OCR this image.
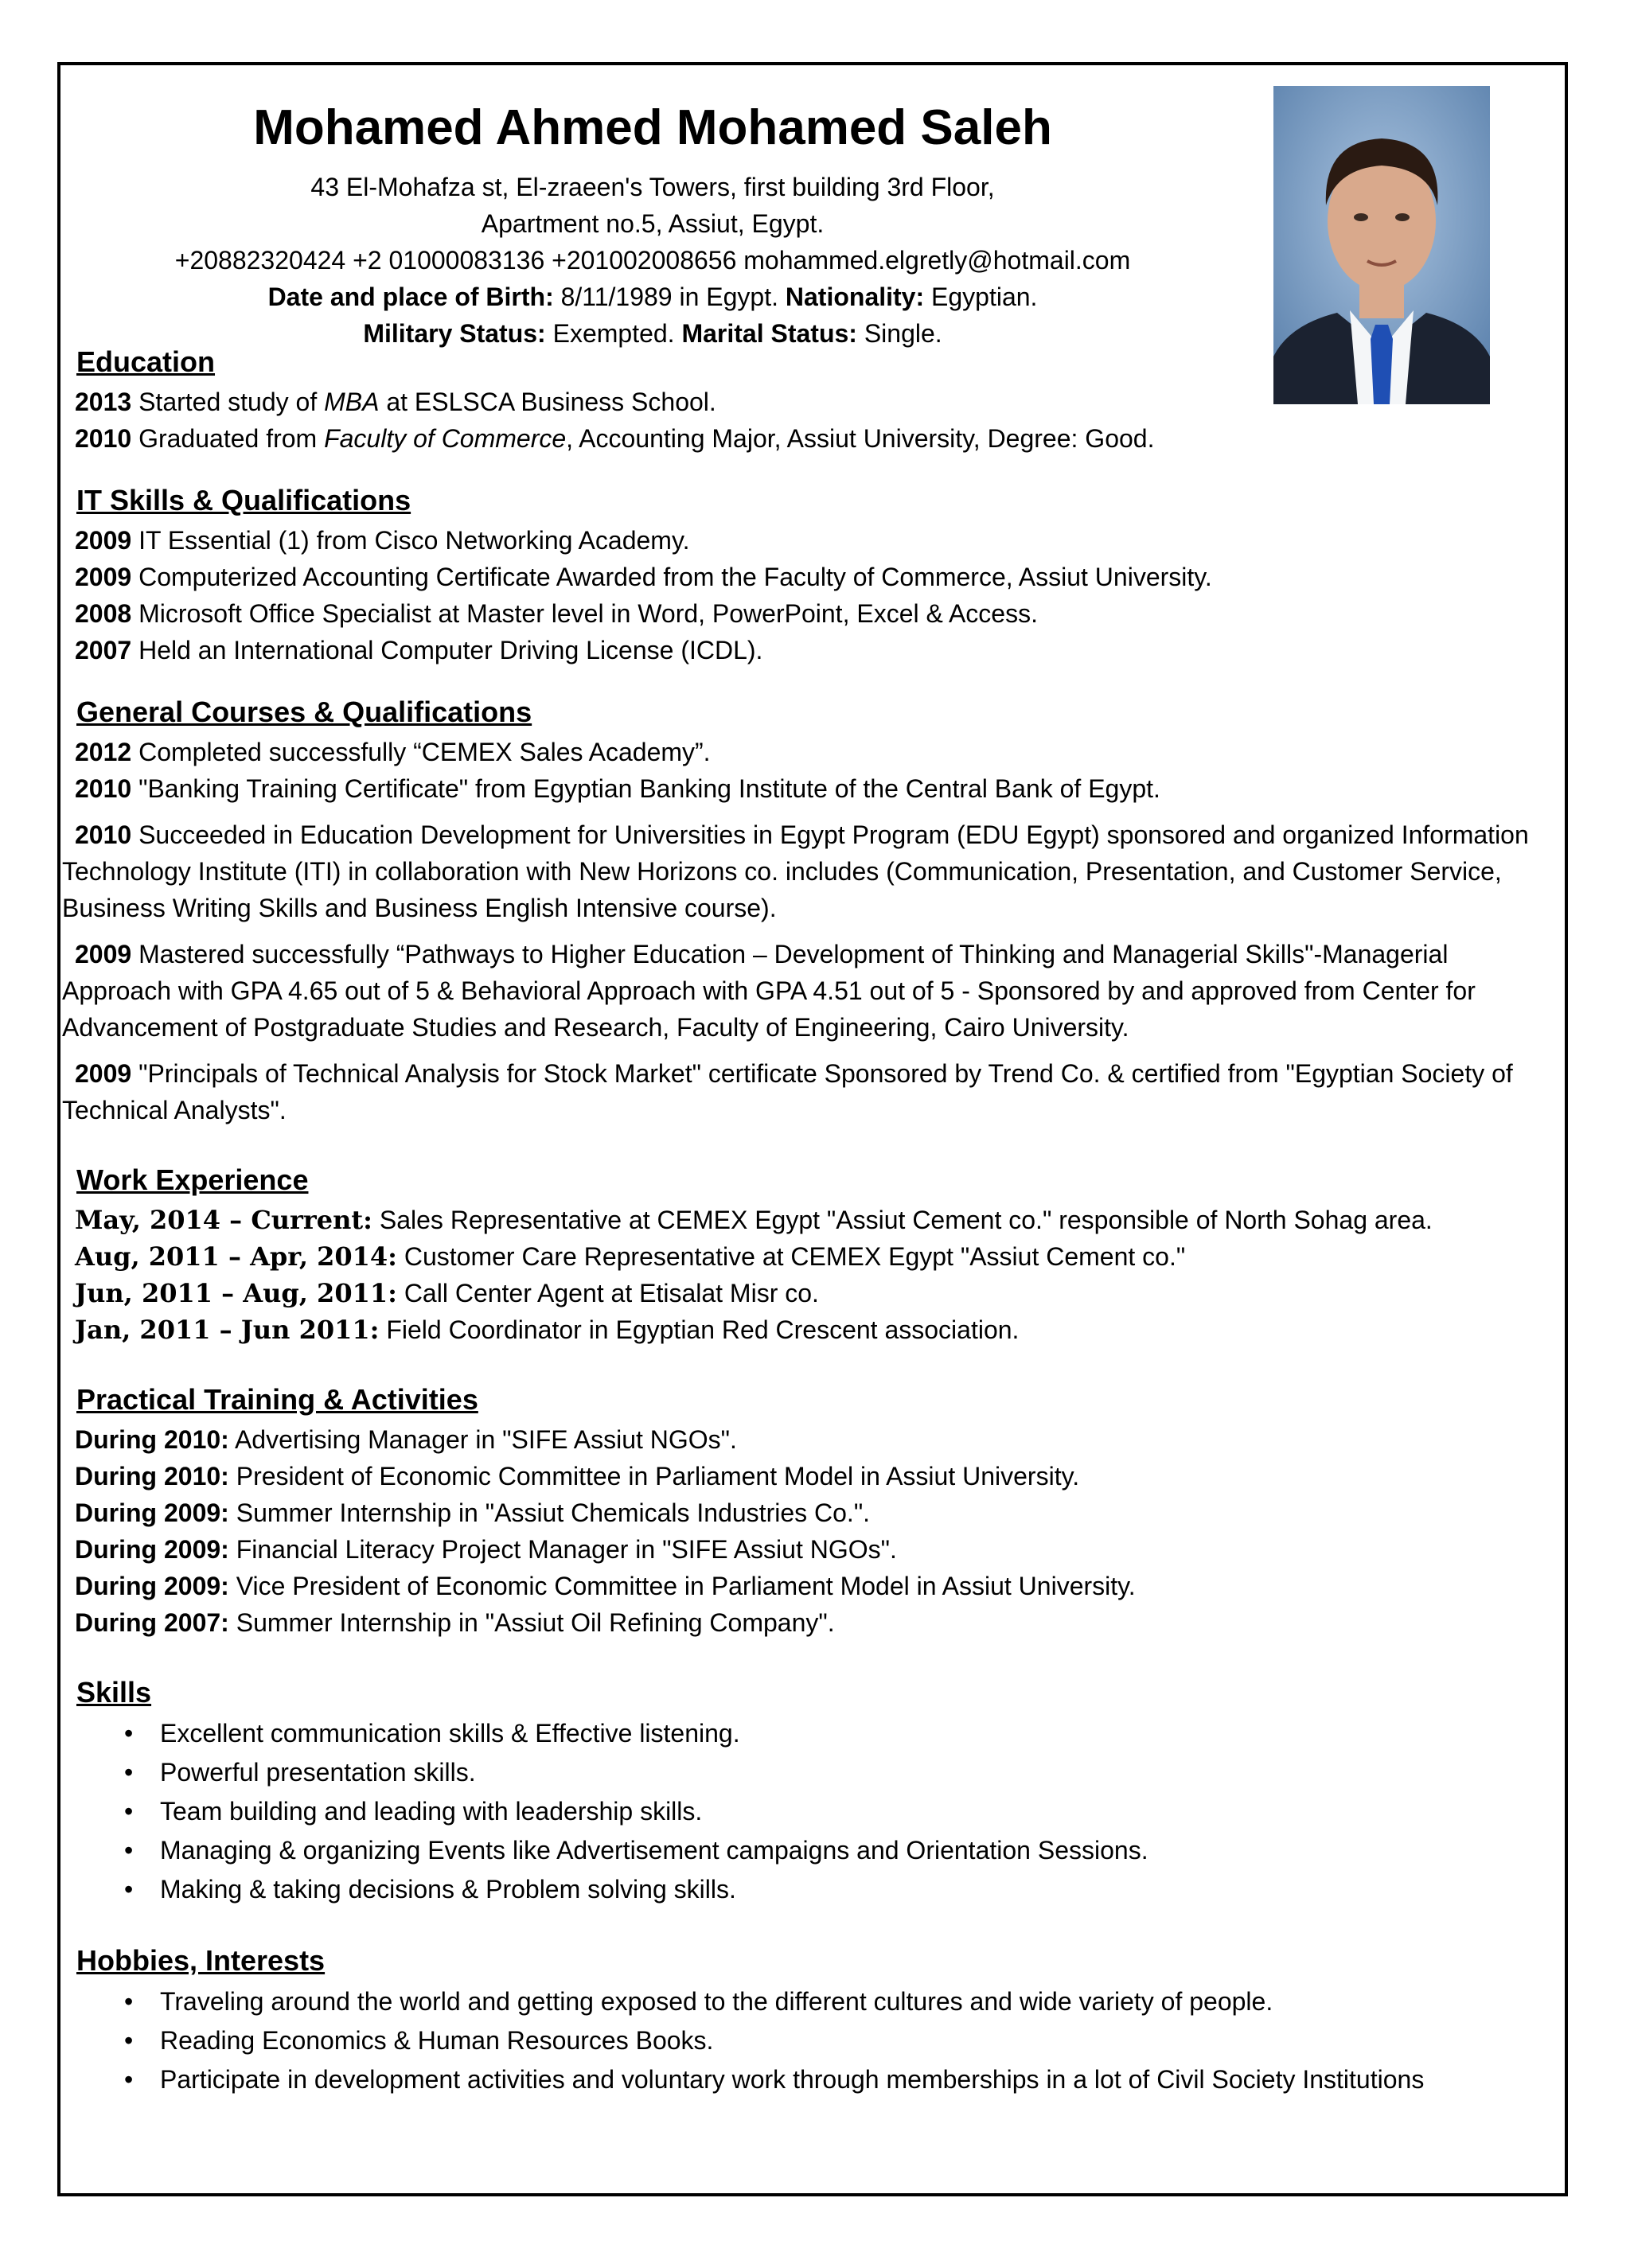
Mohamed Ahmed Mohamed Saleh
43 El-Mohafza st, El-zraeen's Towers, first building 3rd Floor,
Apartment no.5, Assiut, Egypt.
+20882320424 +2 01000083136 +201002008656 mohammed.elgretly@hotmail.com
Date and place of Birth: 8/11/1989 in Egypt. Nationality: Egyptian.
Military Status: Exempted. Marital Status: Single.
Education
2013 Started study of MBA at ESLSCA Business School.
2010 Graduated from Faculty of Commerce, Accounting Major, Assiut University, Degree: Good.
IT Skills & Qualifications
2009 IT Essential (1) from Cisco Networking Academy.
2009 Computerized Accounting Certificate Awarded from the Faculty of Commerce, Assiut University.
2008 Microsoft Office Specialist at Master level in Word, PowerPoint, Excel & Access.
2007 Held an International Computer Driving License (ICDL).
General Courses & Qualifications
2012 Completed successfully “CEMEX Sales Academy”.
2010 "Banking Training Certificate" from Egyptian Banking Institute of the Central Bank of Egypt.
2010 Succeeded in Education Development for Universities in Egypt Program (EDU Egypt) sponsored and organized Information Technology Institute (ITI) in collaboration with New Horizons co. includes (Communication, Presentation, and Customer Service, Business Writing Skills and Business English Intensive course).
2009 Mastered successfully “Pathways to Higher Education – Development of Thinking and Managerial Skills"-Managerial Approach with GPA 4.65 out of 5 & Behavioral Approach with GPA 4.51 out of 5 - Sponsored by and approved from Center for Advancement of Postgraduate Studies and Research, Faculty of Engineering, Cairo University.
2009 "Principals of Technical Analysis for Stock Market" certificate Sponsored by Trend Co. & certified from "Egyptian Society of Technical Analysts".
Work Experience
May, 2014 – Current: Sales Representative at CEMEX Egypt "Assiut Cement co." responsible of North Sohag area.
Aug, 2011 – Apr, 2014: Customer Care Representative at CEMEX Egypt "Assiut Cement co."
Jun, 2011 – Aug, 2011: Call Center Agent at Etisalat Misr co.
Jan, 2011 – Jun 2011: Field Coordinator in Egyptian Red Crescent association.
Practical Training & Activities
During 2010: Advertising Manager in "SIFE Assiut NGOs".
During 2010: President of Economic Committee in Parliament Model in Assiut University.
During 2009: Summer Internship in "Assiut Chemicals Industries Co.".
During 2009: Financial Literacy Project Manager in "SIFE Assiut NGOs".
During 2009: Vice President of Economic Committee in Parliament Model in Assiut University.
During 2007: Summer Internship in "Assiut Oil Refining Company".
Skills
• Excellent communication skills & Effective listening.
• Powerful presentation skills.
• Team building and leading with leadership skills.
• Managing & organizing Events like Advertisement campaigns and Orientation Sessions.
• Making & taking decisions & Problem solving skills.
Hobbies, Interests
• Traveling around the world and getting exposed to the different cultures and wide variety of people.
• Reading Economics & Human Resources Books.
• Participate in development activities and voluntary work through memberships in a lot of Civil Society Institutions
